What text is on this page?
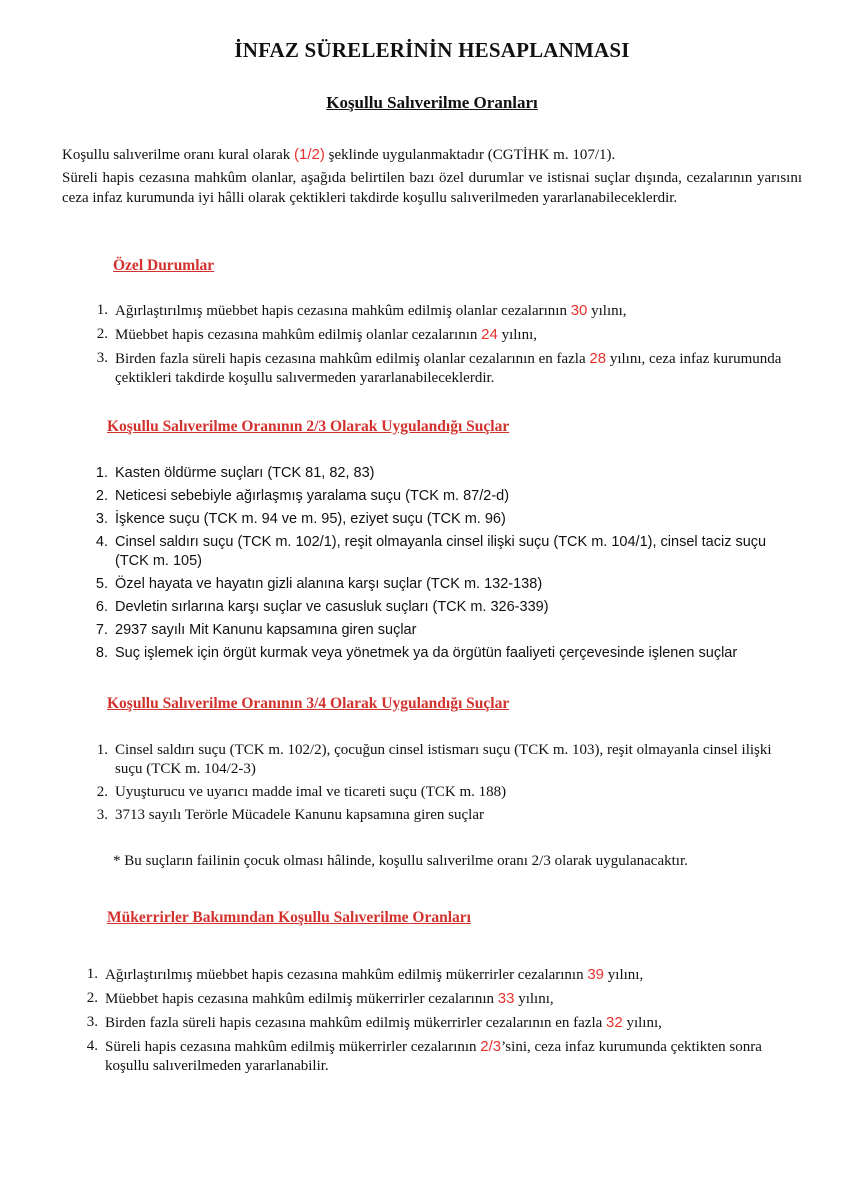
İNFAZ SÜRELERİNİN HESAPLANMASI
Koşullu Salıverilme Oranları

Koşullu salıverilme oranı kural olarak (1/2) şeklinde uygulanmaktadır (CGTİHK m. 107/1).

Süreli hapis cezasına mahkûm olanlar, aşağıda belirtilen bazı özel durumlar ve istisnai suçlar dışında, cezalarının yarısını ceza infaz kurumunda iyi hâlli olarak çektikleri takdirde koşullu salıverilmeden yararlanabileceklerdir.

Özel Durumlar

1. Ağırlaştırılmış müebbet hapis cezasına mahkûm edilmiş olanlar cezalarının 30 yılını,
2. Müebbet hapis cezasına mahkûm edilmiş olanlar cezalarının 24 yılını,
3. Birden fazla süreli hapis cezasına mahkûm edilmiş olanlar cezalarının en fazla 28 yılını, ceza infaz kurumunda çektikleri takdirde koşullu salıvermeden yararlanabileceklerdir.

Koşullu Salıverilme Oranının 2/3 Olarak Uygulandığı Suçlar

1. Kasten öldürme suçları (TCK 81, 82, 83)
2. Neticesi sebebiyle ağırlaşmış yaralama suçu (TCK m. 87/2-d)
3. İşkence suçu (TCK m. 94 ve m. 95), eziyet suçu (TCK m. 96)
4. Cinsel saldırı suçu (TCK m. 102/1), reşit olmayanla cinsel ilişki suçu (TCK m. 104/1), cinsel taciz suçu (TCK m. 105)
5. Özel hayata ve hayatın gizli alanına karşı suçlar (TCK m. 132-138)
6. Devletin sırlarına karşı suçlar ve casusluk suçları (TCK m. 326-339)
7. 2937 sayılı Mit Kanunu kapsamına giren suçlar
8. Suç işlemek için örgüt kurmak veya yönetmek ya da örgütün faaliyeti çerçevesinde işlenen suçlar

Koşullu Salıverilme Oranının 3/4 Olarak Uygulandığı Suçlar

1. Cinsel saldırı suçu (TCK m. 102/2), çocuğun cinsel istismarı suçu (TCK m. 103), reşit olmayanla cinsel ilişki suçu (TCK m. 104/2-3)
2. Uyuşturucu ve uyarıcı madde imal ve ticareti suçu (TCK m. 188)
3. 3713 sayılı Terörle Mücadele Kanunu kapsamına giren suçlar

* Bu suçların failinin çocuk olması hâlinde, koşullu salıverilme oranı 2/3 olarak uygulanacaktır.

Mükerrirler Bakımından Koşullu Salıverilme Oranları

1. Ağırlaştırılmış müebbet hapis cezasına mahkûm edilmiş mükerrirler cezalarının 39 yılını,
2. Müebbet hapis cezasına mahkûm edilmiş mükerrirler cezalarının 33 yılını,
3. Birden fazla süreli hapis cezasına mahkûm edilmiş mükerrirler cezalarının en fazla 32 yılını,
4. Süreli hapis cezasına mahkûm edilmiş mükerrirler cezalarının 2/3’sini, ceza infaz kurumunda çektikten sonra koşullu salıverilmeden yararlanabilir.
